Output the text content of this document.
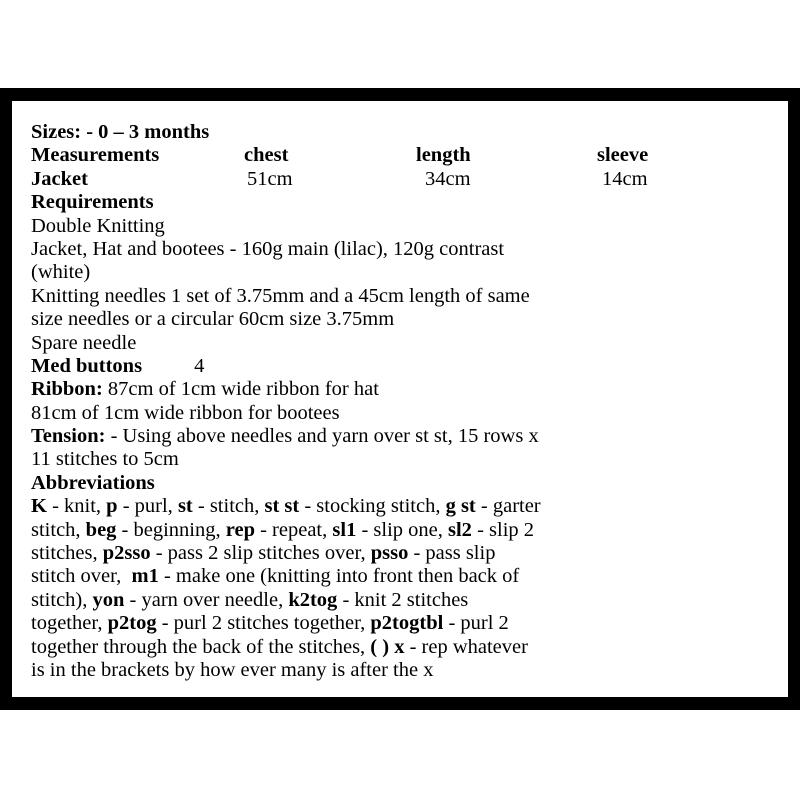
Sizes: - 0 – 3 months
Measurements	chest	length	sleeve
Jacket	51cm	34cm	14cm
Requirements
Double Knitting
Jacket, Hat and bootees - 160g main (lilac), 120g contrast
(white)
Knitting needles 1 set of 3.75mm and a 45cm length of same
size needles or a circular 60cm size 3.75mm
Spare needle
Med buttons	4
Ribbon: 87cm of 1cm wide ribbon for hat
81cm of 1cm wide ribbon for bootees
Tension: - Using above needles and yarn over st st, 15 rows x
11 stitches to 5cm
Abbreviations
K - knit, p - purl, st - stitch, st st - stocking stitch, g st - garter
stitch, beg - beginning, rep - repeat, sl1 - slip one, sl2 - slip 2
stitches, p2sso - pass 2 slip stitches over, psso - pass slip
stitch over,  m1 - make one (knitting into front then back of
stitch), yon - yarn over needle, k2tog - knit 2 stitches
together, p2tog - purl 2 stitches together, p2togtbl - purl 2
together through the back of the stitches, ( ) x - rep whatever
is in the brackets by how ever many is after the x
